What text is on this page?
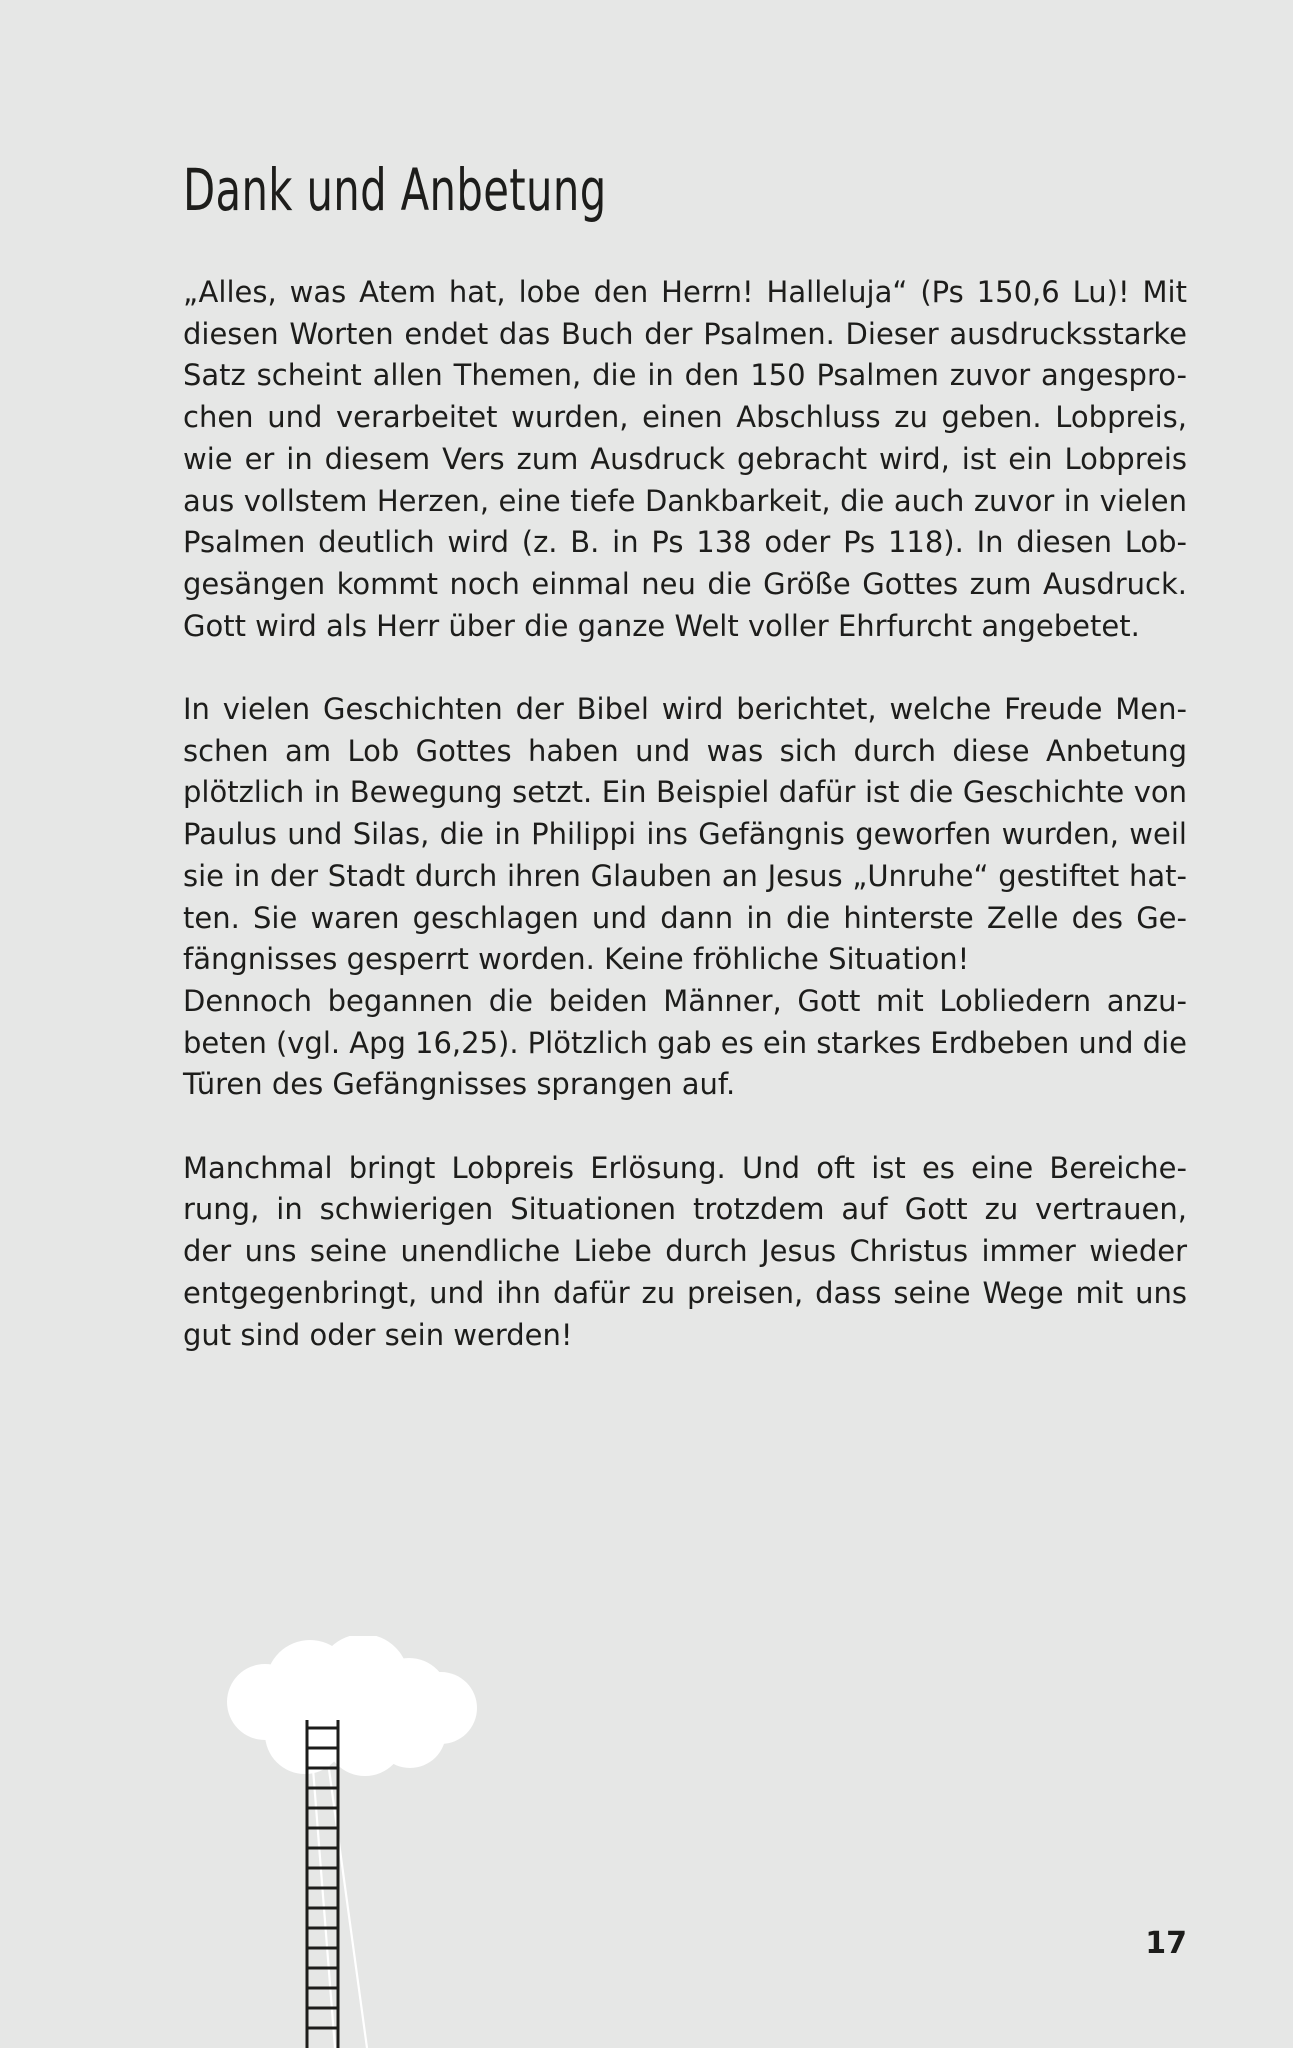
Dank und Anbetung

„Alles, was Atem hat, lobe den Herrn! Halleluja“ (Ps 150,6 Lu)! Mit
diesen Worten endet das Buch der Psalmen. Dieser ausdrucksstarke
Satz scheint allen Themen, die in den 150 Psalmen zuvor angespro-
chen und verarbeitet wurden, einen Abschluss zu geben. Lobpreis,
wie er in diesem Vers zum Ausdruck gebracht wird, ist ein Lobpreis
aus vollstem Herzen, eine tiefe Dankbarkeit, die auch zuvor in vielen
Psalmen deutlich wird (z. B. in Ps 138 oder Ps 118). In diesen Lob-
gesängen kommt noch einmal neu die Größe Gottes zum Ausdruck.
Gott wird als Herr über die ganze Welt voller Ehrfurcht angebetet.

In vielen Geschichten der Bibel wird berichtet, welche Freude Men-
schen am Lob Gottes haben und was sich durch diese Anbetung
plötzlich in Bewegung setzt. Ein Beispiel dafür ist die Geschichte von
Paulus und Silas, die in Philippi ins Gefängnis geworfen wurden, weil
sie in der Stadt durch ihren Glauben an Jesus „Unruhe“ gestiftet hat-
ten. Sie waren geschlagen und dann in die hinterste Zelle des Ge-
fängnisses gesperrt worden. Keine fröhliche Situation!
Dennoch begannen die beiden Männer, Gott mit Lobliedern anzu-
beten (vgl. Apg 16,25). Plötzlich gab es ein starkes Erdbeben und die
Türen des Gefängnisses sprangen auf.

Manchmal bringt Lobpreis Erlösung. Und oft ist es eine Bereiche-
rung, in schwierigen Situationen trotzdem auf Gott zu vertrauen,
der uns seine unendliche Liebe durch Jesus Christus immer wieder
entgegenbringt, und ihn dafür zu preisen, dass seine Wege mit uns
gut sind oder sein werden!

17
